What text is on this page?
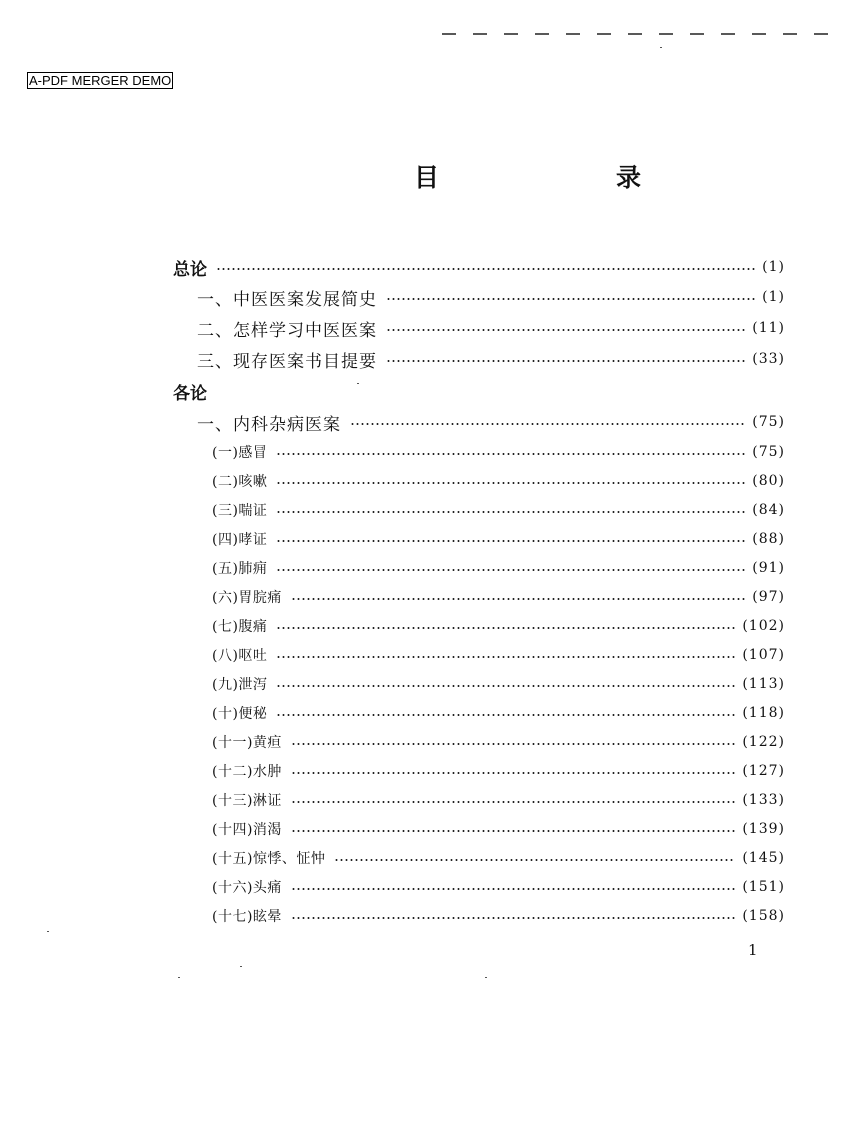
A-PDF MERGER DEMO
目　录
总论	(1)
一、中医医案发展简史	(1)
二、怎样学习中医医案	(11)
三、现存医案书目提要	(33)
各论
一、内科杂病医案	(75)
(一)感冒	(75)
(二)咳嗽	(80)
(三)喘证	(84)
(四)哮证	(88)
(五)肺痈	(91)
(六)胃脘痛	(97)
(七)腹痛	(102)
(八)呕吐	(107)
(九)泄泻	(113)
(十)便秘	(118)
(十一)黄疸	(122)
(十二)水肿	(127)
(十三)淋证	(133)
(十四)消渴	(139)
(十五)惊悸、怔忡	(145)
(十六)头痛	(151)
(十七)眩晕	(158)
1
